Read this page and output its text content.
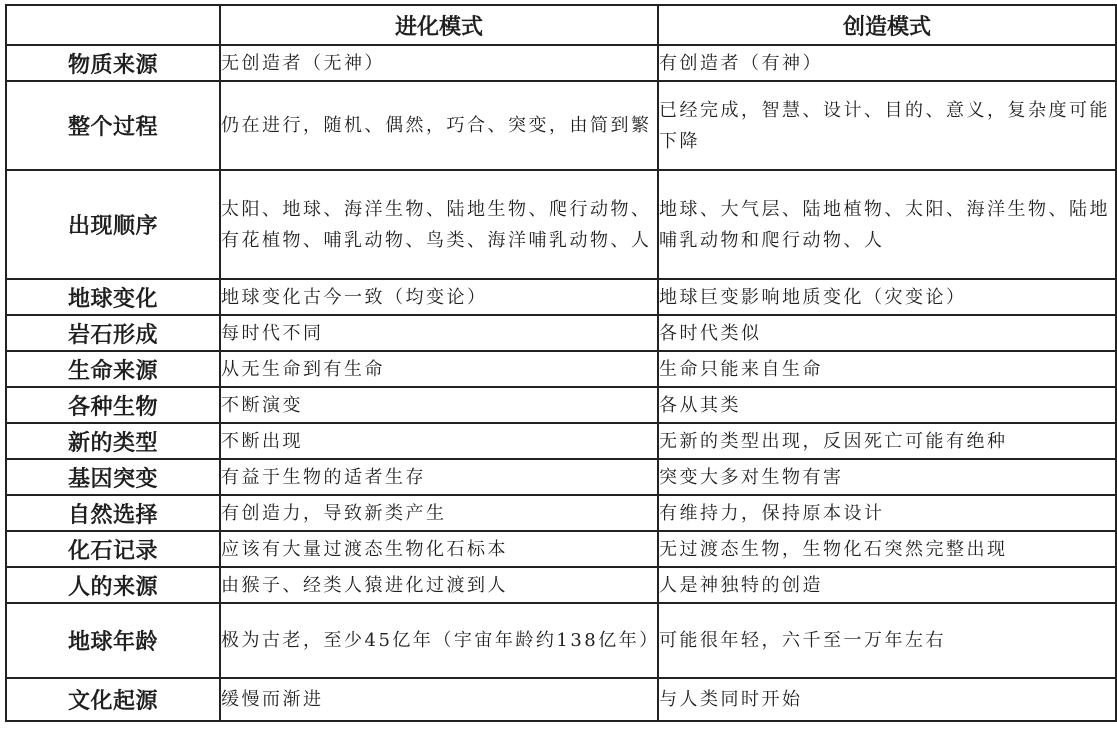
	进化模式	创造模式
物质来源	无创造者（无神）	有创造者（有神）
整个过程	仍在进行，随机、偶然，巧合、突变，由简到繁	已经完成，智慧、设计、目的、意义，复杂度可能下降
出现顺序	太阳、地球、海洋生物、陆地生物、爬行动物、有花植物、哺乳动物、鸟类、海洋哺乳动物、人	地球、大气层、陆地植物、太阳、海洋生物、陆地哺乳动物和爬行动物、人
地球变化	地球变化古今一致（均变论）	地球巨变影响地质变化（灾变论）
岩石形成	每时代不同	各时代类似
生命来源	从无生命到有生命	生命只能来自生命
各种生物	不断演变	各从其类
新的类型	不断出现	无新的类型出现，反因死亡可能有绝种
基因突变	有益于生物的适者生存	突变大多对生物有害
自然选择	有创造力，导致新类产生	有维持力，保持原本设计
化石记录	应该有大量过渡态生物化石标本	无过渡态生物，生物化石突然完整出现
人的来源	由猴子、经类人猿进化过渡到人	人是神独特的创造
地球年龄	极为古老，至少45亿年（宇宙年龄约138亿年）	可能很年轻，六千至一万年左右
文化起源	缓慢而渐进	与人类同时开始
